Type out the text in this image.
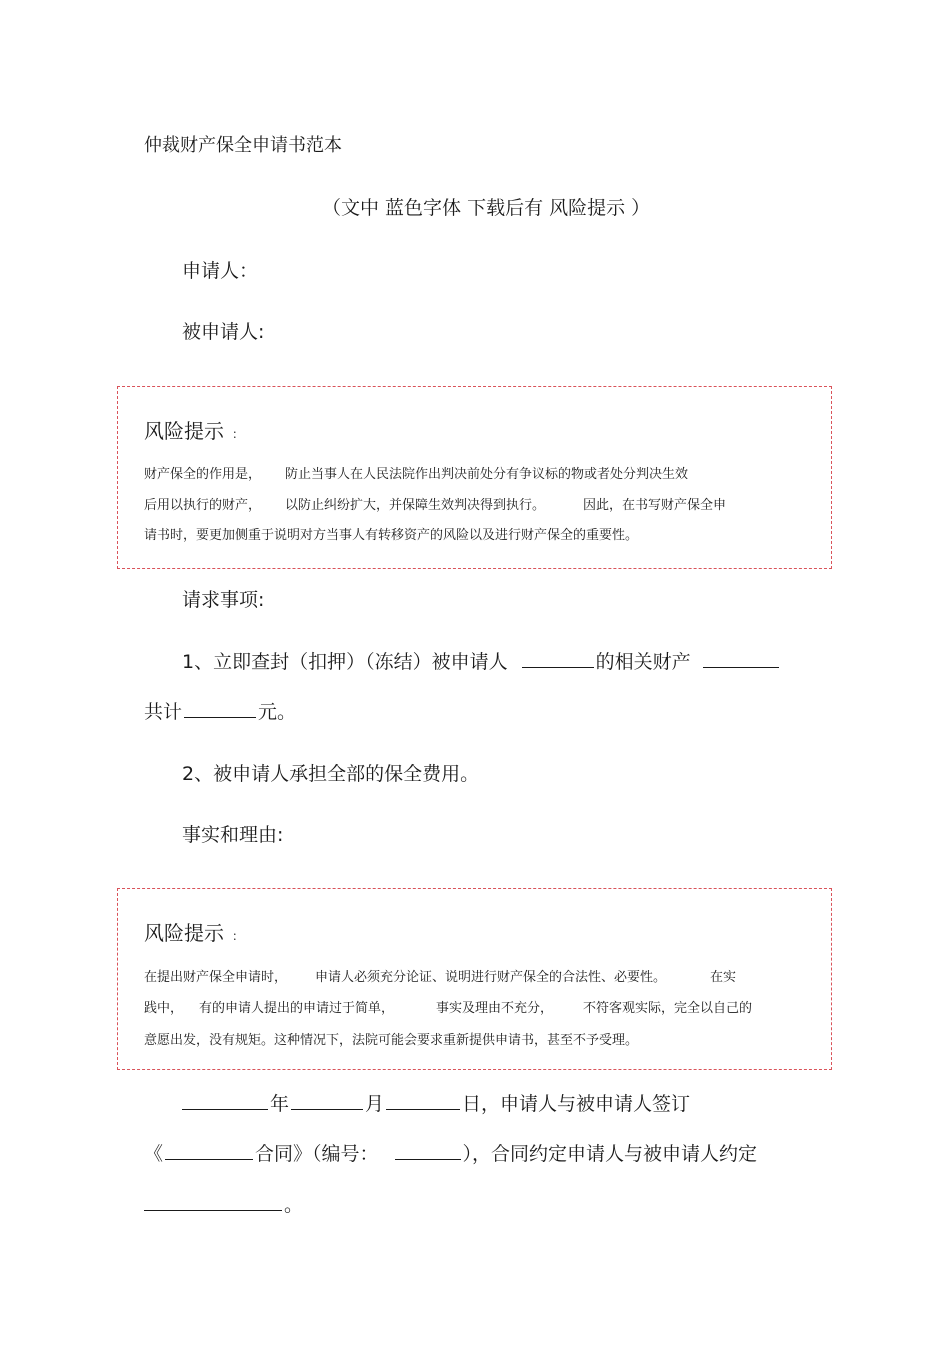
仲裁财产保全申请书范本
（文中 蓝色字体 下载后有 风险提示 ）
申请人：
被申请人:
风险提示 ：
财产保全的作用是， 防止当事人在人民法院作出判决前处分有争议标的物或者处分判决生效
后用以执行的财产， 以防止纠纷扩大，并保障生效判决得到执行。	因此，在书写财产保全申
请书时，要更加侧重于说明对方当事人有转移资产的风险以及进行财产保全的重要性。
请求事项:
1、立即查封（扣押）（冻结）被申请人	的相关财产
共计	元。
2、被申请人承担全部的保全费用。
事实和理由:
风险提示 ：
在提出财产保全申请时， 申请人必须充分论证、说明进行财产保全的合法性、必要性。	在实
践中， 有的申请人提出的申请过于简单，	事实及理由不充分， 不符客观实际，完全以自己的
意愿出发，没有规矩。这种情况下，法院可能会要求重新提供申请书，甚至不予受理。
年	月	日，申请人与被申请人签订
《	合同》（编号：	），合同约定申请人与被申请人约定
。
